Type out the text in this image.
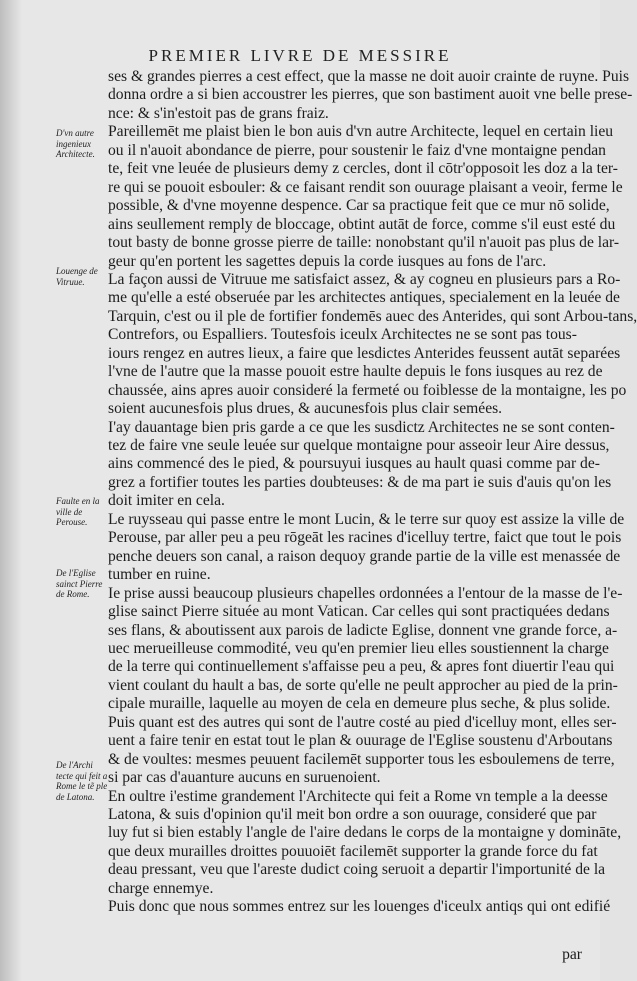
PREMIER LIVRE DE MESSIRE
D'vn autre ingenieux Architecte.
Louenge de Vitruue.
Faulte en la ville de Perouse.
De l'Eglise sainct Pierre de Rome.
De l'Archi tecte qui feit a Rome le tẽ ple de Latona.
ses & grandes pierres a cest effect, que la masse ne doit auoir crainte de ruyne. Puis
donna ordre a si bien accoustrer les pierres, que son bastiment auoit vne belle prese-
nce: & s'in'estoit pas de grans fraiz.
Pareillemēt me plaist bien le bon auis d'vn autre Architecte, lequel en certain lieu
ou il n'auoit abondance de pierre, pour soustenir le faiz d'vne montaigne pendan
te, feit vne leuée de plusieurs demy z cercles, dont il cōtr'opposoit les doz a la ter-
re qui se pouoit esbouler: & ce faisant rendit son ouurage plaisant a veoir, ferme le
possible, & d'vne moyenne despence. Car sa practique feit que ce mur nō solide,
ains seullement remply de bloccage, obtint autāt de force, comme s'il eust esté du
tout basty de bonne grosse pierre de taille: nonobstant qu'il n'auoit pas plus de lar-
geur qu'en portent les sagettes depuis la corde iusques au fons de l'arc.
La façon aussi de Vitruue me satisfaict assez, & ay cogneu en plusieurs pars a Ro-
me qu'elle a esté obseruée par les architectes antiques, specialement en la leuée de
Tarquin, c'est ou il ple de fortifier fondemēs auec des Anterides, qui sont Arbou-tans,
Contrefors, ou Espalliers. Toutesfois iceulx Architectes ne se sont pas tous-
iours rengez en autres lieux, a faire que lesdictes Anterides feussent autāt separées
l'vne de l'autre que la masse pouoit estre haulte depuis le fons iusques au rez de
chaussée, ains apres auoir consideré la fermeté ou foiblesse de la montaigne, les po
soient aucunesfois plus drues, & aucunesfois plus clair semées.
I'ay dauantage bien pris garde a ce que les susdictz Architectes ne se sont conten-
tez de faire vne seule leuée sur quelque montaigne pour asseoir leur Aire dessus,
ains commencé des le pied, & poursuyui iusques au hault quasi comme par de-
grez a fortifier toutes les parties doubteuses: & de ma part ie suis d'auis qu'on les
doit imiter en cela.
Le ruysseau qui passe entre le mont Lucin, & le terre sur quoy est assize la ville de
Perouse, par aller peu a peu rōgeāt les racines d'icelluy tertre, faict que tout le pois
penche deuers son canal, a raison dequoy grande partie de la ville est menassée de
tumber en ruine.
Ie prise aussi beaucoup plusieurs chapelles ordonnées a l'entour de la masse de l'e-
glise sainct Pierre située au mont Vatican. Car celles qui sont practiquées dedans
ses flans, & aboutissent aux parois de ladicte Eglise, donnent vne grande force, a-
uec merueilleuse commodité, veu qu'en premier lieu elles soustiennent la charge
de la terre qui continuellement s'affaisse peu a peu, & apres font diuertir l'eau qui
vient coulant du hault a bas, de sorte qu'elle ne peult approcher au pied de la prin-
cipale muraille, laquelle au moyen de cela en demeure plus seche, & plus solide.
Puis quant est des autres qui sont de l'autre costé au pied d'icelluy mont, elles ser-
uent a faire tenir en estat tout le plan & ouurage de l'Eglise soustenu d'Arboutans
& de voultes: mesmes peuuent facilemēt supporter tous les esboulemens de terre,
si par cas d'auanture aucuns en suruenoient.
En oultre i'estime grandement l'Architecte qui feit a Rome vn temple a la deesse
Latona, & suis d'opinion qu'il meit bon ordre a son ouurage, consideré que par
luy fut si bien estably l'angle de l'aire dedans le corps de la montaigne y domināte,
que deux murailles droittes pouuoiēt facilemēt supporter la grande force du fat
deau pressant, veu que l'areste dudict coing seruoit a departir l'importunité de la
charge ennemye.
Puis donc que nous sommes entrez sur les louenges d'iceulx antiqs qui ont edifié
par
